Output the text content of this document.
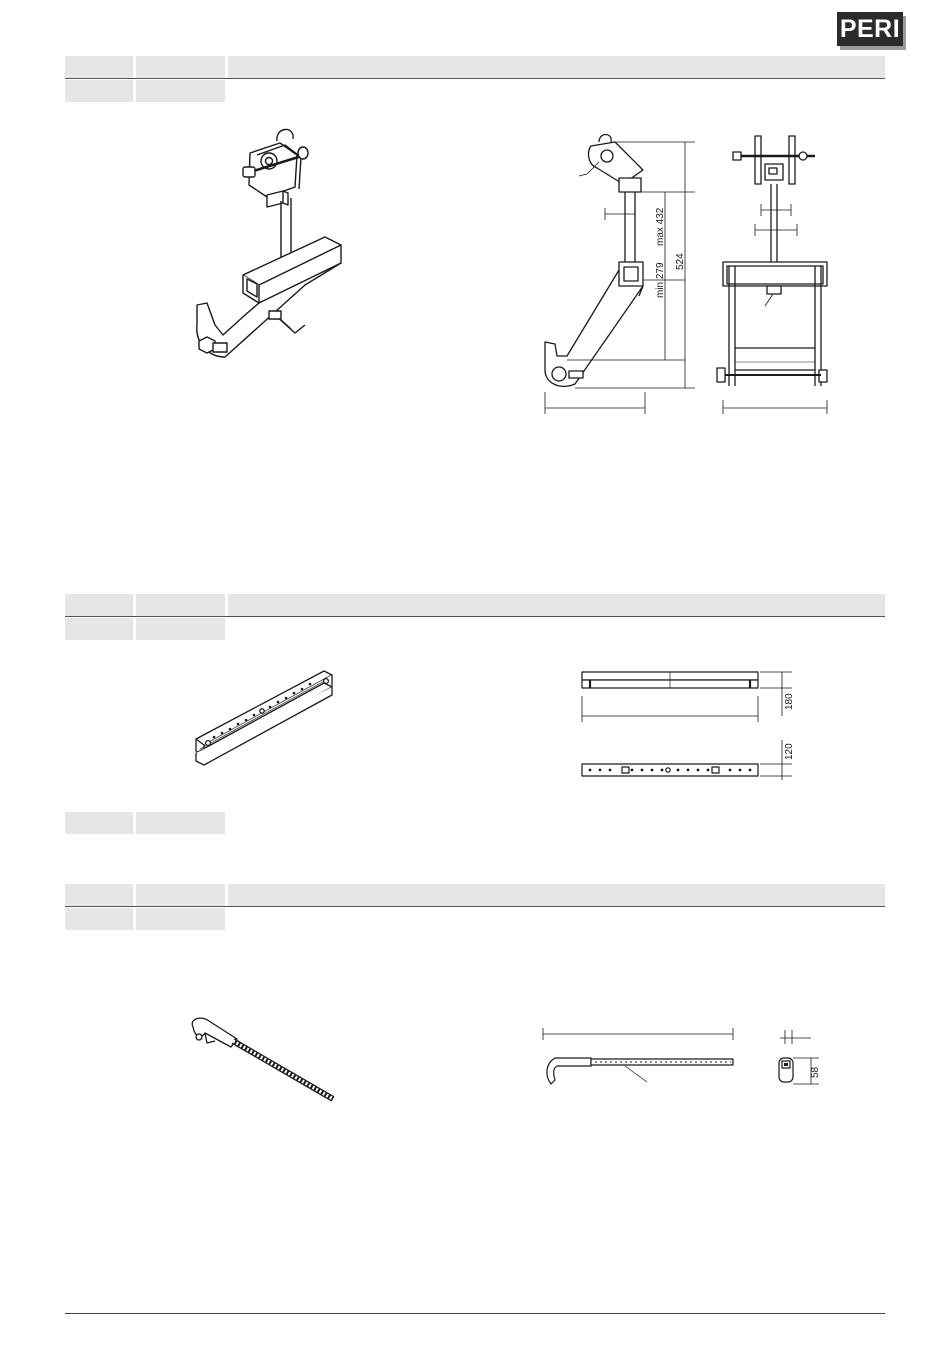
PERI
max 432
min 279
524
180
120
58
